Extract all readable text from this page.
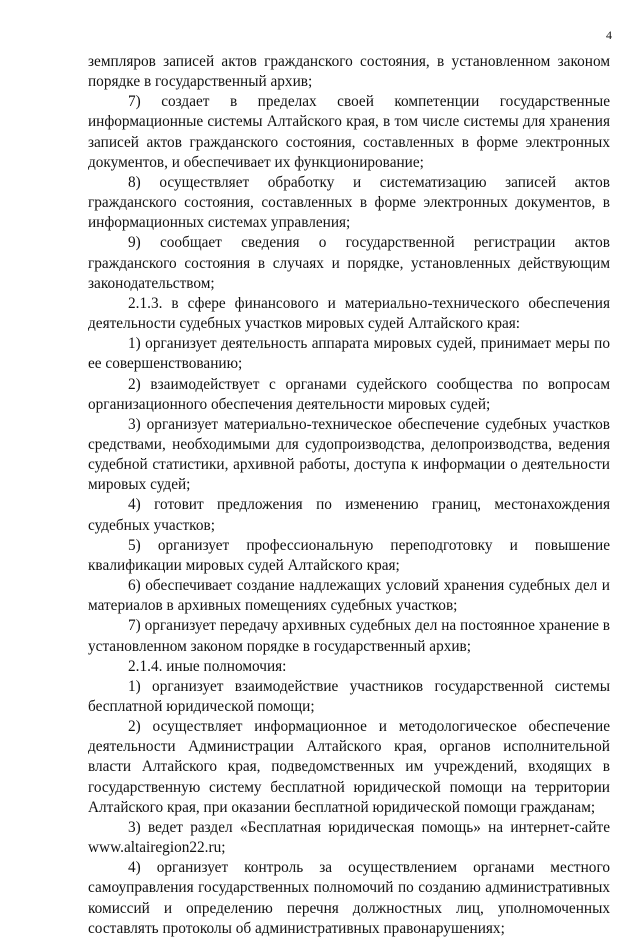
4

земпляров записей актов гражданского состояния, в установленном законом порядке в государственный архив;

7) создает в пределах своей компетенции государственные информационные системы Алтайского края, в том числе системы для хранения записей актов гражданского состояния, составленных в форме электронных документов, и обеспечивает их функционирование;

8) осуществляет обработку и систематизацию записей актов гражданского состояния, составленных в форме электронных документов, в информационных системах управления;

9) сообщает сведения о государственной регистрации актов гражданского состояния в случаях и порядке, установленных действующим законодательством;

2.1.3. в сфере финансового и материально-технического обеспечения деятельности судебных участков мировых судей Алтайского края:

1) организует деятельность аппарата мировых судей, принимает меры по ее совершенствованию;

2) взаимодействует с органами судейского сообщества по вопросам организационного обеспечения деятельности мировых судей;

3) организует материально-техническое обеспечение судебных участков средствами, необходимыми для судопроизводства, делопроизводства, ведения судебной статистики, архивной работы, доступа к информации о деятельности мировых судей;

4) готовит предложения по изменению границ, местонахождения судебных участков;

5) организует профессиональную переподготовку и повышение квалификации мировых судей Алтайского края;

6) обеспечивает создание надлежащих условий хранения судебных дел и материалов в архивных помещениях судебных участков;

7) организует передачу архивных судебных дел на постоянное хранение в установленном законом порядке в государственный архив;

2.1.4. иные полномочия:

1) организует взаимодействие участников государственной системы бесплатной юридической помощи;

2) осуществляет информационное и методологическое обеспечение деятельности Администрации Алтайского края, органов исполнительной власти Алтайского края, подведомственных им учреждений, входящих в государственную систему бесплатной юридической помощи на территории Алтайского края, при оказании бесплатной юридической помощи гражданам;

3) ведет раздел «Бесплатная юридическая помощь» на интернет-сайте www.altairegion22.ru;

4) организует контроль за осуществлением органами местного самоуправления государственных полномочий по созданию административных комиссий и определению перечня должностных лиц, уполномоченных составлять протоколы об административных правонарушениях;
